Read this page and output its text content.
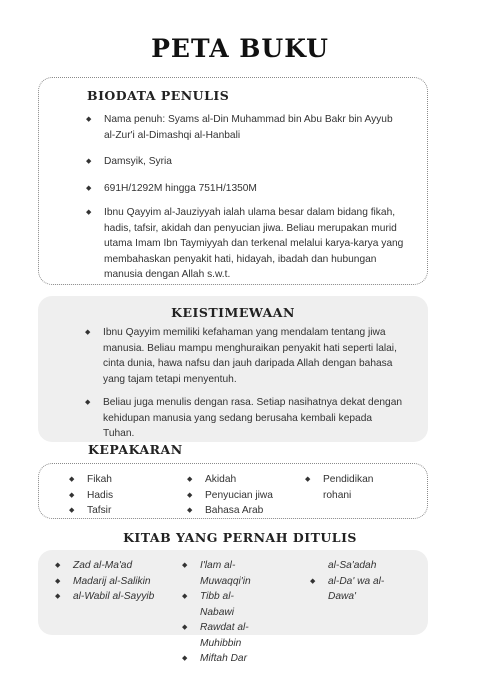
PETA BUKU
BIODATA PENULIS
◆ Nama penuh: Syams al-Din Muhammad bin Abu Bakr bin Ayyub al-Zur'i al-Dimashqi al-Hanbali
◆ Damsyik, Syria
◆ 691H/1292M hingga 751H/1350M
◆ Ibnu Qayyim al-Jauziyyah ialah ulama besar dalam bidang fikah, hadis, tafsir, akidah dan penyucian jiwa. Beliau merupakan murid utama Imam Ibn Taymiyyah dan terkenal melalui karya-karya yang membahaskan penyakit hati, hidayah, ibadah dan hubungan manusia dengan Allah s.w.t.
KEISTIMEWAAN
◆ Ibnu Qayyim memiliki kefahaman yang mendalam tentang jiwa manusia. Beliau mampu menghuraikan penyakit hati seperti lalai, cinta dunia, hawa nafsu dan jauh daripada Allah dengan bahasa yang tajam tetapi menyentuh.
◆ Beliau juga menulis dengan rasa. Setiap nasihatnya dekat dengan kehidupan manusia yang sedang berusaha kembali kepada Tuhan.
KEPAKARAN
◆ Fikah
◆ Hadis
◆ Tafsir
◆ Akidah
◆ Penyucian jiwa
◆ Bahasa Arab
◆ Pendidikan rohani
KITAB YANG PERNAH DITULIS
◆ Zad al-Ma'ad
◆ Madarij al-Salikin
◆ al-Wabil al-Sayyib
◆ I'lam al-Muwaqqi'in
◆ Tibb al-Nabawi
◆ Rawdat al-Muhibbin
◆ Miftah Dar
al-Sa'adah
◆ al-Da' wa al-Dawa'
